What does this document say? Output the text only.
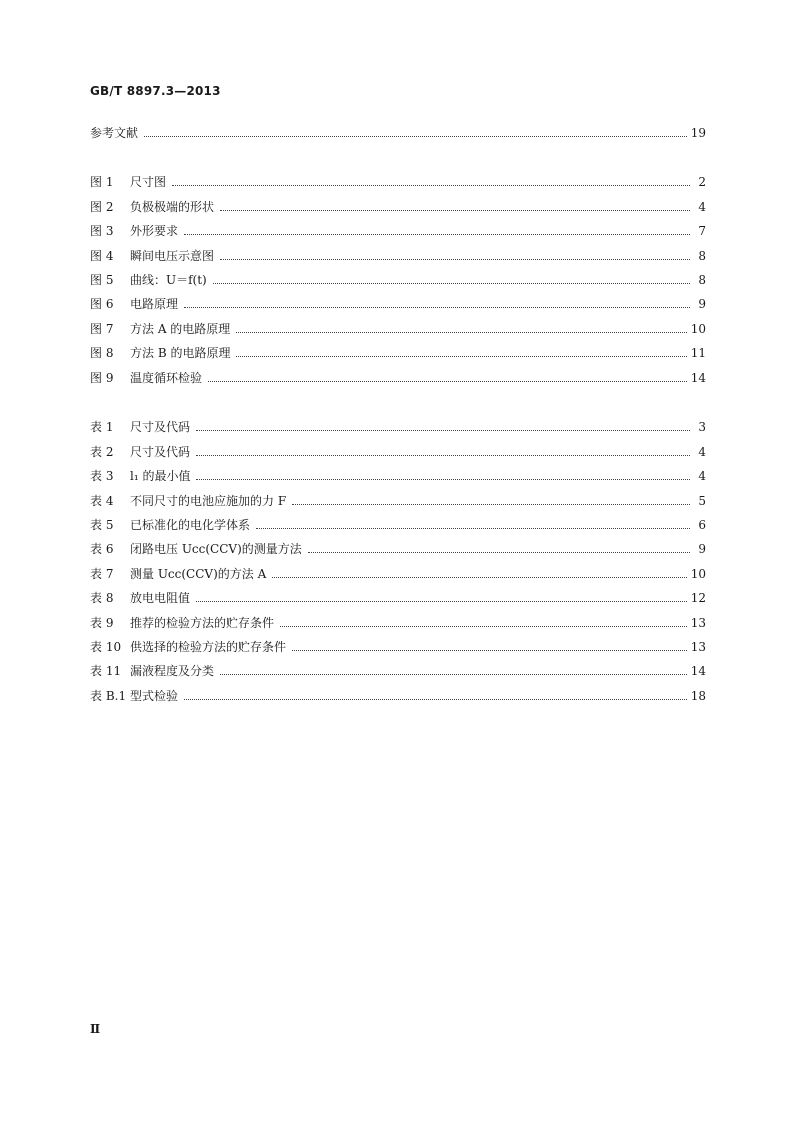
GB/T 8897.3—2013
参考文献	19
图 1 尺寸图	2
图 2 负极极端的形状	4
图 3 外形要求	7
图 4 瞬间电压示意图	8
图 5 曲线：U＝f(t)	8
图 6 电路原理	9
图 7 方法 A 的电路原理	10
图 8 方法 B 的电路原理	11
图 9 温度循环检验	14
表 1 尺寸及代码	3
表 2 尺寸及代码	4
表 3 l₁ 的最小值	4
表 4 不同尺寸的电池应施加的力 F	5
表 5 已标准化的电化学体系	6
表 6 闭路电压 Ucc(CCV)的测量方法	9
表 7 测量 Ucc(CCV)的方法 A	10
表 8 放电电阻值	12
表 9 推荐的检验方法的贮存条件	13
表 10 供选择的检验方法的贮存条件	13
表 11 漏液程度及分类	14
表 B.1 型式检验	18
Ⅱ
